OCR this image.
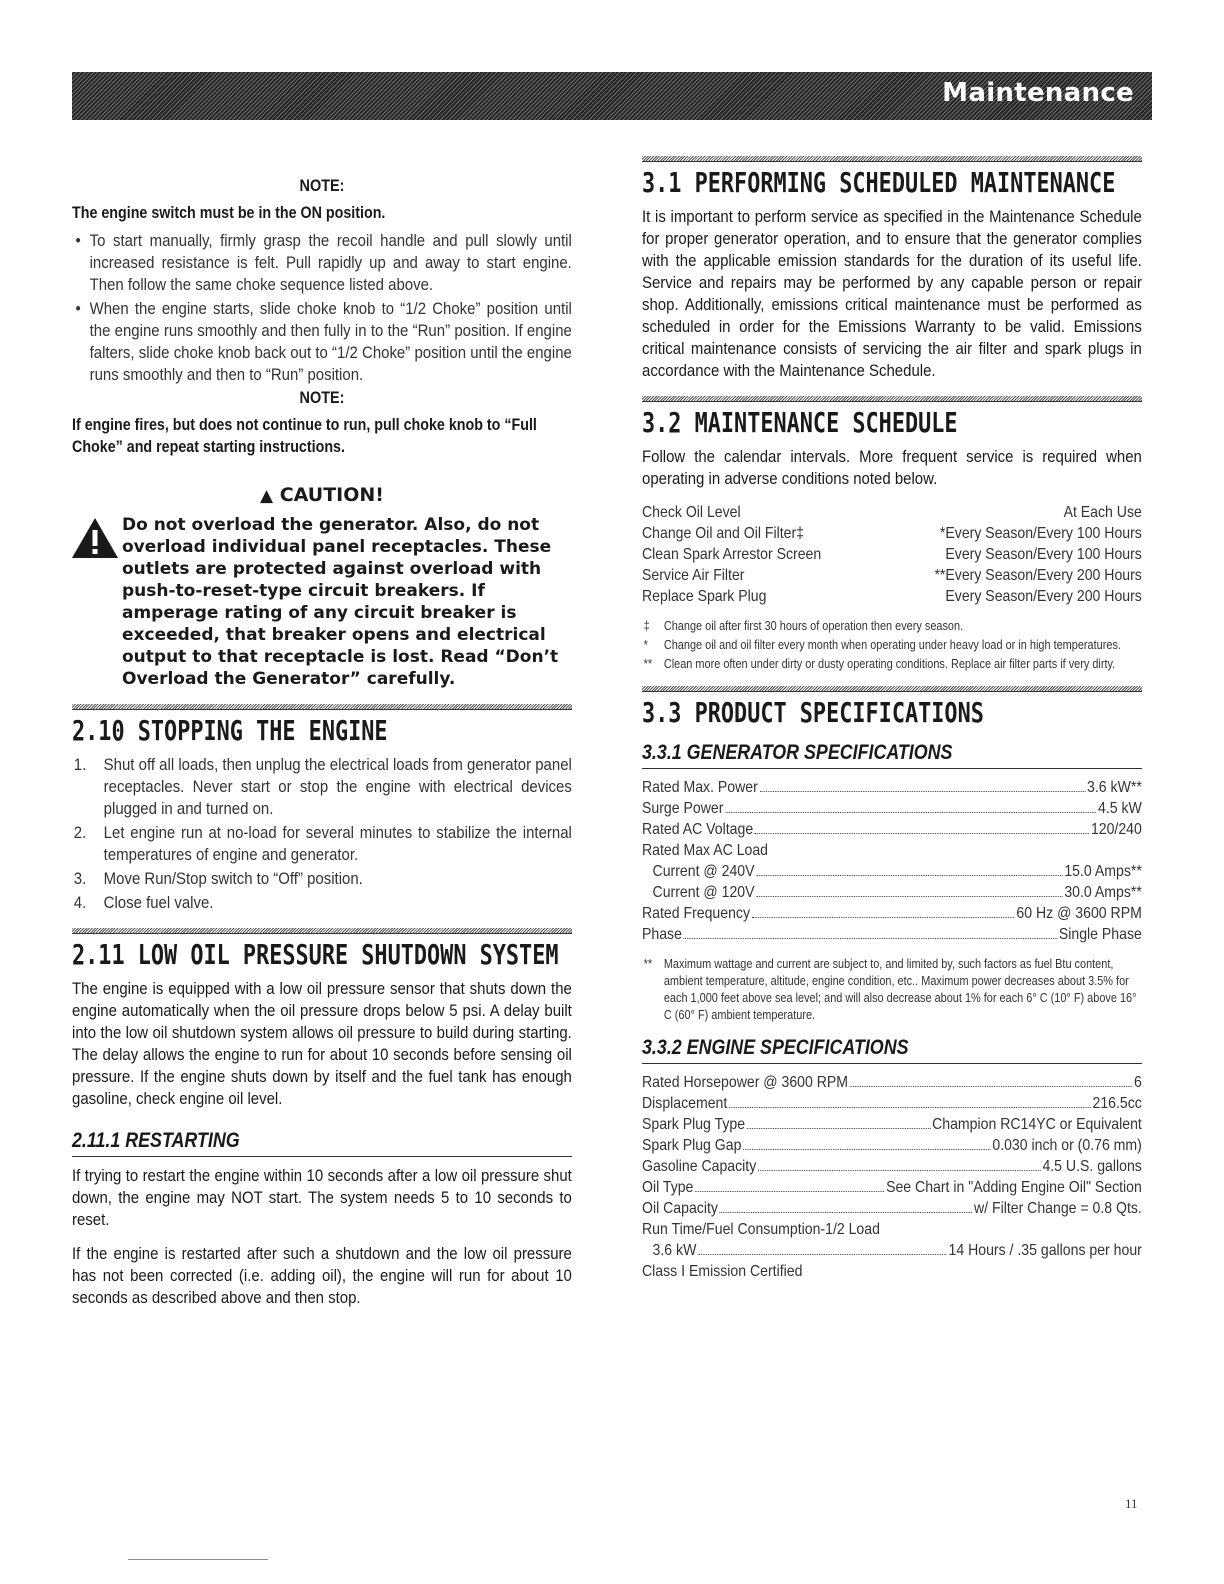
Maintenance
NOTE:
The engine switch must be in the ON position.
• To start manually, firmly grasp the recoil handle and pull slowly until increased resistance is felt. Pull rapidly up and away to start engine. Then follow the same choke sequence listed above.
• When the engine starts, slide choke knob to “1/2 Choke” position until the engine runs smoothly and then fully in to the “Run” position. If engine falters, slide choke knob back out to “1/2 Choke” position until the engine runs smoothly and then to “Run” position.
NOTE:
If engine fires, but does not continue to run, pull choke knob to “Full Choke” and repeat starting instructions.
▲ CAUTION!
Do not overload the generator. Also, do not overload individual panel receptacles. These outlets are protected against overload with push-to-reset-type circuit breakers. If amperage rating of any circuit breaker is exceeded, that breaker opens and electrical output to that receptacle is lost. Read “Don’t Overload the Generator” carefully.
2.10 STOPPING THE ENGINE
1. Shut off all loads, then unplug the electrical loads from generator panel receptacles. Never start or stop the engine with electrical devices plugged in and turned on.
2. Let engine run at no-load for several minutes to stabilize the internal temperatures of engine and generator.
3. Move Run/Stop switch to “Off” position.
4. Close fuel valve.
2.11 LOW OIL PRESSURE SHUTDOWN SYSTEM
The engine is equipped with a low oil pressure sensor that shuts down the engine automatically when the oil pressure drops below 5 psi. A delay built into the low oil shutdown system allows oil pressure to build during starting. The delay allows the engine to run for about 10 seconds before sensing oil pressure. If the engine shuts down by itself and the fuel tank has enough gasoline, check engine oil level.
2.11.1 RESTARTING
If trying to restart the engine within 10 seconds after a low oil pressure shut down, the engine may NOT start. The system needs 5 to 10 seconds to reset.
If the engine is restarted after such a shutdown and the low oil pressure has not been corrected (i.e. adding oil), the engine will run for about 10 seconds as described above and then stop.
3.1 PERFORMING SCHEDULED MAINTENANCE
It is important to perform service as specified in the Maintenance Schedule for proper generator operation, and to ensure that the generator complies with the applicable emission standards for the duration of its useful life. Service and repairs may be performed by any capable person or repair shop. Additionally, emissions critical maintenance must be performed as scheduled in order for the Emissions Warranty to be valid. Emissions critical maintenance consists of servicing the air filter and spark plugs in accordance with the Maintenance Schedule.
3.2 MAINTENANCE SCHEDULE
Follow the calendar intervals. More frequent service is required when operating in adverse conditions noted below.
Check Oil Level	At Each Use
Change Oil and Oil Filter‡	*Every Season/Every 100 Hours
Clean Spark Arrestor Screen	Every Season/Every 100 Hours
Service Air Filter	**Every Season/Every 200 Hours
Replace Spark Plug	Every Season/Every 200 Hours
‡ Change oil after first 30 hours of operation then every season.
* Change oil and oil filter every month when operating under heavy load or in high temperatures.
** Clean more often under dirty or dusty operating conditions. Replace air filter parts if very dirty.
3.3 PRODUCT SPECIFICATIONS
3.3.1 GENERATOR SPECIFICATIONS
Rated Max. Power	3.6 kW**
Surge Power	4.5 kW
Rated AC Voltage	120/240
Rated Max AC Load
Current @ 240V	15.0 Amps**
Current @ 120V	30.0 Amps**
Rated Frequency	60 Hz @ 3600 RPM
Phase	Single Phase
** Maximum wattage and current are subject to, and limited by, such factors as fuel Btu content, ambient temperature, altitude, engine condition, etc.. Maximum power decreases about 3.5% for each 1,000 feet above sea level; and will also decrease about 1% for each 6° C (10° F) above 16° C (60° F) ambient temperature.
3.3.2 ENGINE SPECIFICATIONS
Rated Horsepower @ 3600 RPM	6
Displacement	216.5cc
Spark Plug Type	Champion RC14YC or Equivalent
Spark Plug Gap	0.030 inch or (0.76 mm)
Gasoline Capacity	4.5 U.S. gallons
Oil Type	See Chart in "Adding Engine Oil" Section
Oil Capacity	w/ Filter Change = 0.8 Qts.
Run Time/Fuel Consumption-1/2 Load
3.6 kW	14 Hours / .35 gallons per hour
Class I Emission Certified
11
